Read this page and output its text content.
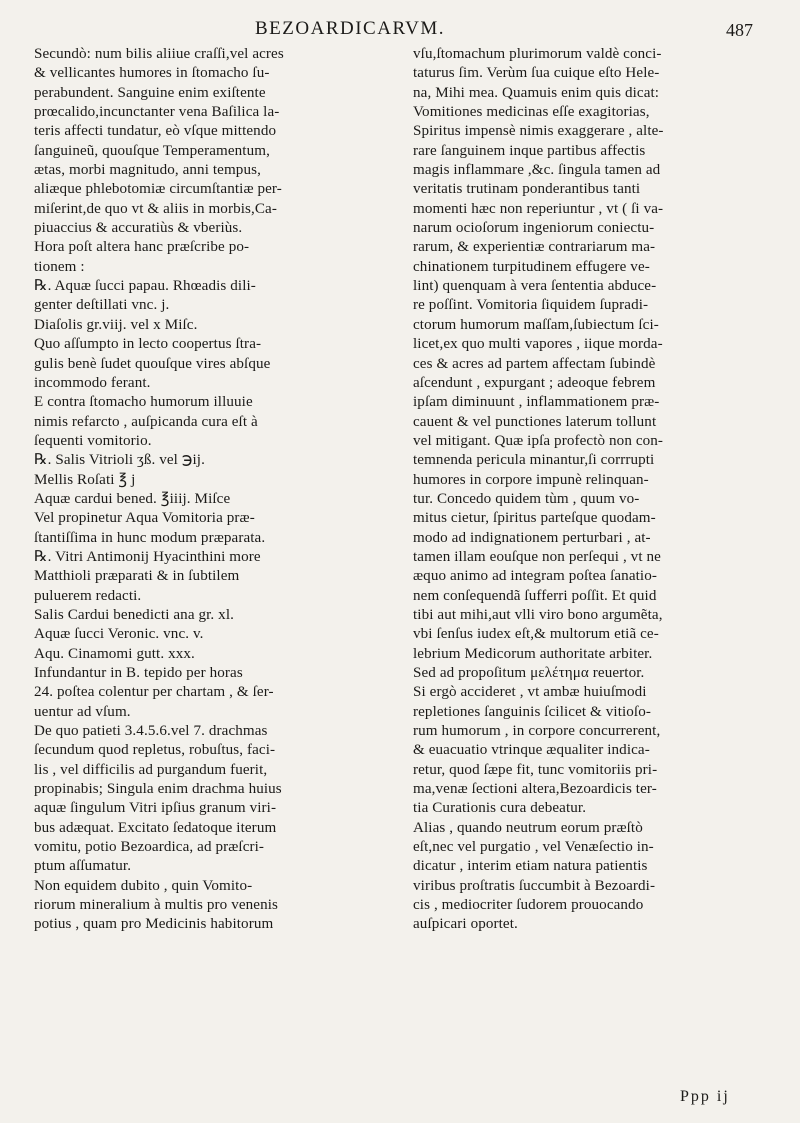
BEZOARDICARVM.	487
Secundò: num bilis aliiue craſſi,vel acres
& vellicantes humores in ſtomacho ſu-
perabundent. Sanguine enim exiſtente
prœcalido,incunctanter vena Baſilica la-
teris affecti tundatur, eò vſque mittendo
ſanguineũ, quouſque Temperamentum,
ætas, morbi magnitudo, anni tempus,
aliæque phlebotomiæ circumſtantiæ per-
miſerint,de quo vt & aliis in morbis,Ca-
piuaccius & accuratiùs & vberiùs.
Hora poſt altera hanc præſcribe po-
tionem :
℞. Aquæ ſucci papau. Rhœadis dili-
genter deſtillati vnc. j.
Diaſolis gr.viij. vel x Miſc.
Quo aſſumpto in lecto coopertus ſtra-
gulis benè ſudet quouſque vires abſque
incommodo ferant.
E contra ſtomacho humorum illuuie
nimis refarcto , auſpicanda cura eſt à
ſequenti vomitorio.
℞. Salis Vitrioli ʒß. vel ℈ij.
Mellis Roſati ℥ j
Aquæ cardui bened. ℥iiij. Miſce
Vel propinetur Aqua Vomitoria præ-
ſtantiſſima in hunc modum præparata.
℞. Vitri Antimonij Hyacinthini more
Matthioli præparati & in ſubtilem
puluerem redacti.
Salis Cardui benedicti ana gr. xl.
Aquæ ſucci Veronic. vnc. v.
Aqu. Cinamomi gutt. xxx.
Infundantur in B. tepido per horas
24. poſtea colentur per chartam , & ſer-
uentur ad vſum.
De quo patieti 3.4.5.6.vel 7. drachmas
ſecundum quod repletus, robuſtus, faci-
lis , vel difficilis ad purgandum fuerit,
propinabis; Singula enim drachma huius
aquæ ſingulum Vitri ipſius granum viri-
bus adæquat. Excitato ſedatoque iterum
vomitu, potio Bezoardica, ad præſcri-
ptum aſſumatur.
Non equidem dubito , quin Vomito-
riorum mineralium à multis pro venenis
potius , quam pro Medicinis habitorum
vſu,ſtomachum plurimorum valdè conci-
taturus ſim. Verùm ſua cuique eſto Hele-
na, Mihi mea. Quamuis enim quis dicat:
Vomitiones medicinas eſſe exagitorias,
Spiritus impensè nimis exaggerare , alte-
rare ſanguinem inque partibus affectis
magis inflammare ,&c. ſingula tamen ad
veritatis trutinam ponderantibus tanti
momenti hæc non reperiuntur , vt ( ſi va-
narum ocioſorum ingeniorum coniectu-
rarum, & experientiæ contrariarum ma-
chinationem turpitudinem effugere ve-
lint) quenquam à vera ſententia abduce-
re poſſint. Vomitoria ſiquidem ſupradi-
ctorum humorum maſſam,ſubiectum ſci-
licet,ex quo multi vapores , iique morda-
ces & acres ad partem affectam ſubindè
aſcendunt , expurgant ; adeoque febrem
ipſam diminuunt , inflammationem præ-
cauent & vel punctiones laterum tollunt
vel mitigant. Quæ ipſa profectò non con-
temnenda pericula minantur,ſi corrrupti
humores in corpore impunè relinquan-
tur. Concedo quidem tùm , quum vo-
mitus cietur, ſpiritus parteſque quodam-
modo ad indignationem perturbari , at-
tamen illam eouſque non perſequi , vt ne
æquo animo ad integram poſtea ſanatio-
nem conſequendã ſufferri poſſit. Et quid
tibi aut mihi,aut vlli viro bono argumẽta,
vbi ſenſus iudex eſt,& multorum etiã ce-
lebrium Medicorum authoritate arbiter.
Sed ad propoſitum μελέτημα reuertor.
Si ergò accideret , vt ambæ huiuſmodi
repletiones ſanguinis ſcilicet & vitioſo-
rum humorum , in corpore concurrerent,
& euacuatio vtrinque æqualiter indica-
retur, quod ſæpe fit, tunc vomitoriis pri-
ma,venæ ſectioni altera,Bezoardicis ter-
tia Curationis cura debeatur.
Alias , quando neutrum eorum præſtò
eſt,nec vel purgatio , vel Venæſectio in-
dicatur , interim etiam natura patientis
viribus proſtratis ſuccumbit à Bezoardi-
cis , mediocriter ſudorem prouocando
auſpicari oportet.
Ppp ij
